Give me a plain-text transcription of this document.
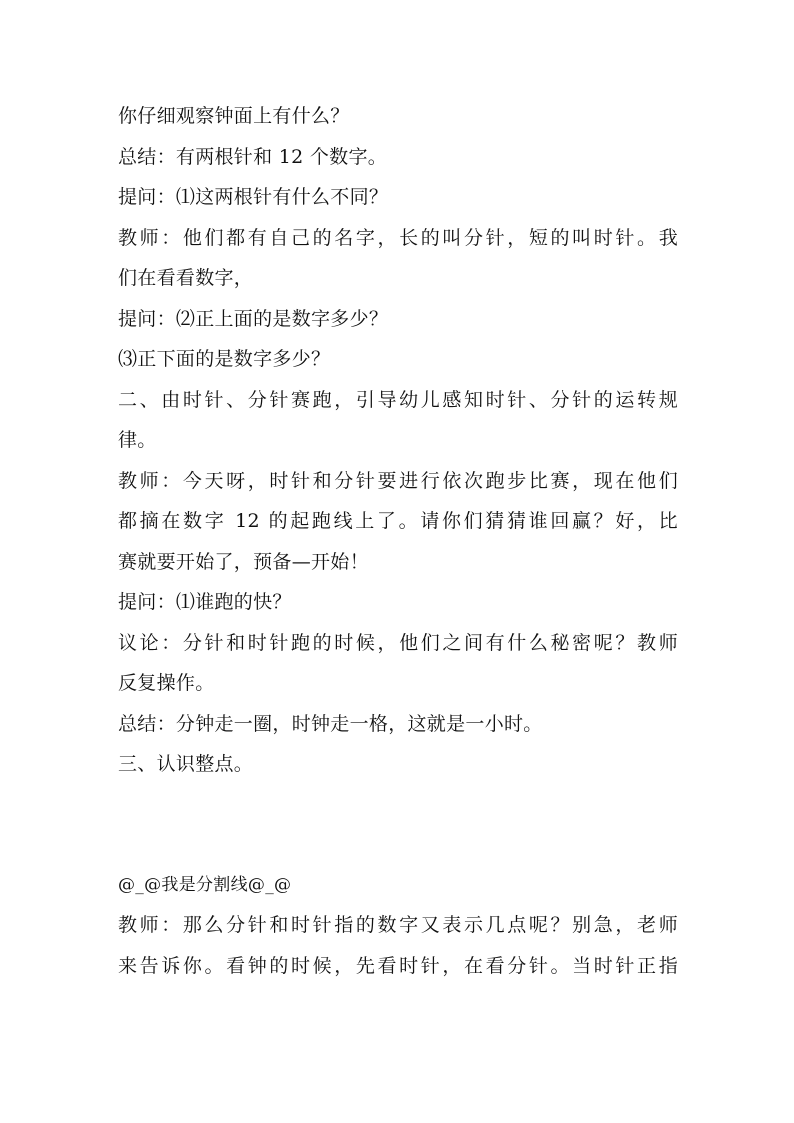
你仔细观察钟面上有什么？
总结：有两根针和 12 个数字。
提问：⑴这两根针有什么不同？
教师：他们都有自己的名字，长的叫分针，短的叫时针。我
们在看看数字，
提问：⑵正上面的是数字多少？
⑶正下面的是数字多少？
二、由时针、分针赛跑，引导幼儿感知时针、分针的运转规
律。
教师：今天呀，时针和分针要进行依次跑步比赛，现在他们
都摘在数字 12 的起跑线上了。请你们猜猜谁回赢？好，比
赛就要开始了，预备—开始！
提问：⑴谁跑的快？
议论：分针和时针跑的时候，他们之间有什么秘密呢？教师
反复操作。
总结：分钟走一圈，时钟走一格，这就是一小时。
三、认识整点。
@_@我是分割线@_@
教师：那么分针和时针指的数字又表示几点呢？别急，老师
来告诉你。看钟的时候，先看时针，在看分针。当时针正指
